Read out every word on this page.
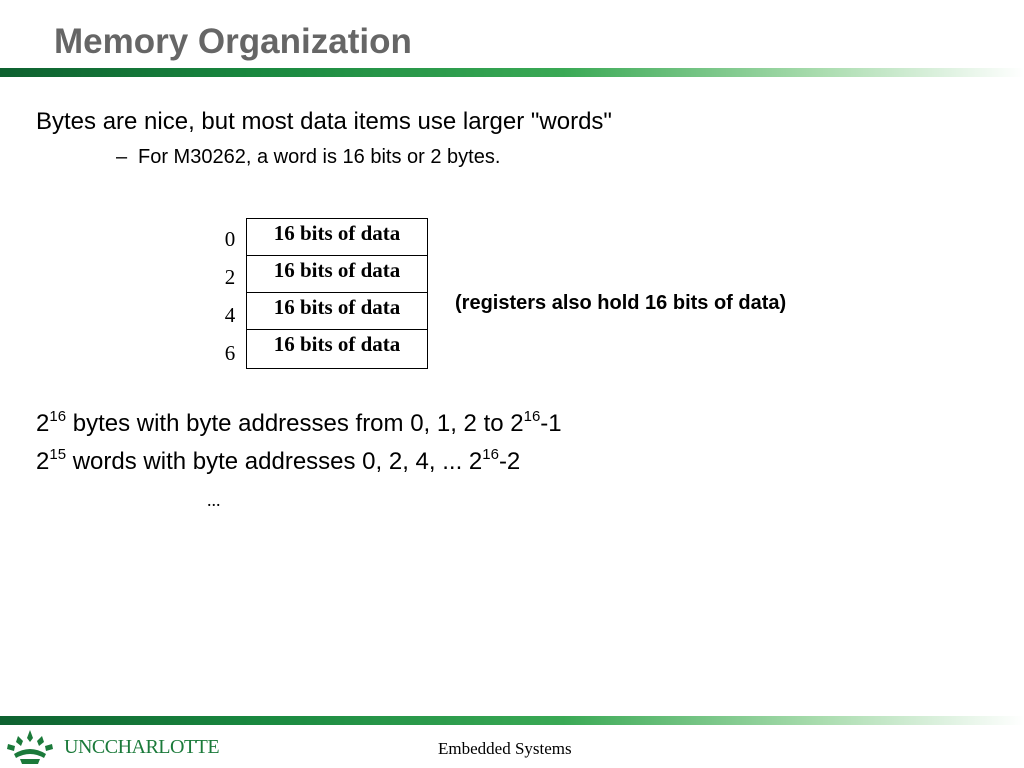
Memory Organization
Bytes are nice, but most data items use larger "words"
– For M30262, a word is 16 bits or 2 bytes.
0
2
4
6
16 bits of data
16 bits of data
16 bits of data
16 bits of data
(registers also hold 16 bits of data)
$2^{16}$ bytes with byte addresses from 0, 1, 2 to $2^{16}-1$
$2^{15}$ words with byte addresses 0, 2, 4, ... $2^{16}-2$
...
UNCCHARLOTTE	Embedded Systems
